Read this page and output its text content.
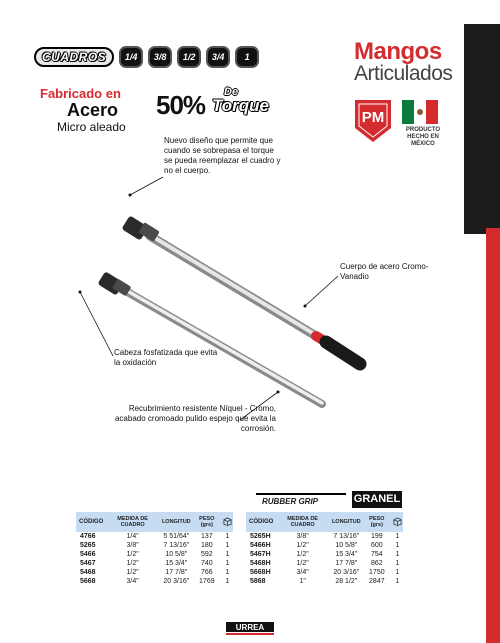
CUADROS	1/4	3/8	1/2	3/4	1	Mangos
Articulados
PM
PRODUCTO
HECHO EN
MÉXICO
Fabricado en
Acero
Micro aleado
50% De
Torque
Nuevo diseño que permite que cuando se sobrepasa el torque se pueda reemplazar el cuadro y no el cuerpo.
Cuerpo de acero Cromo-Vanadio
Cabeza fosfatizada que evita la oxidación
Recubrimiento resistente Níquel - Cromo, acabado cromoado pulido espejo que evita la corrosión.
RUBBER GRIP	GRANEL
CÓDIGO	MEDIDA DE CUADRO	LONGITUD	PESO (grs)	
4766	1/4"	5 51/64"	137	1
5265	3/8"	7 13/16"	180	1
5466	1/2"	10 5/8"	592	1
5467	1/2"	15 3/4"	740	1
5468	1/2"	17 7/8"	766	1
5668	3/4"	20 3/16"	1769	1
CÓDIGO	MEDIDA DE CUADRO	LONGITUD	PESO (grs)	
5265H	3/8"	7 13/16"	199	1
5466H	1/2"	10 5/8"	600	1
5467H	1/2"	15 3/4"	754	1
5468H	1/2"	17 7/8"	862	1
5668H	3/4"	20 3/16"	1750	1
5868	1"	28 1/2"	2847	1
URREA
